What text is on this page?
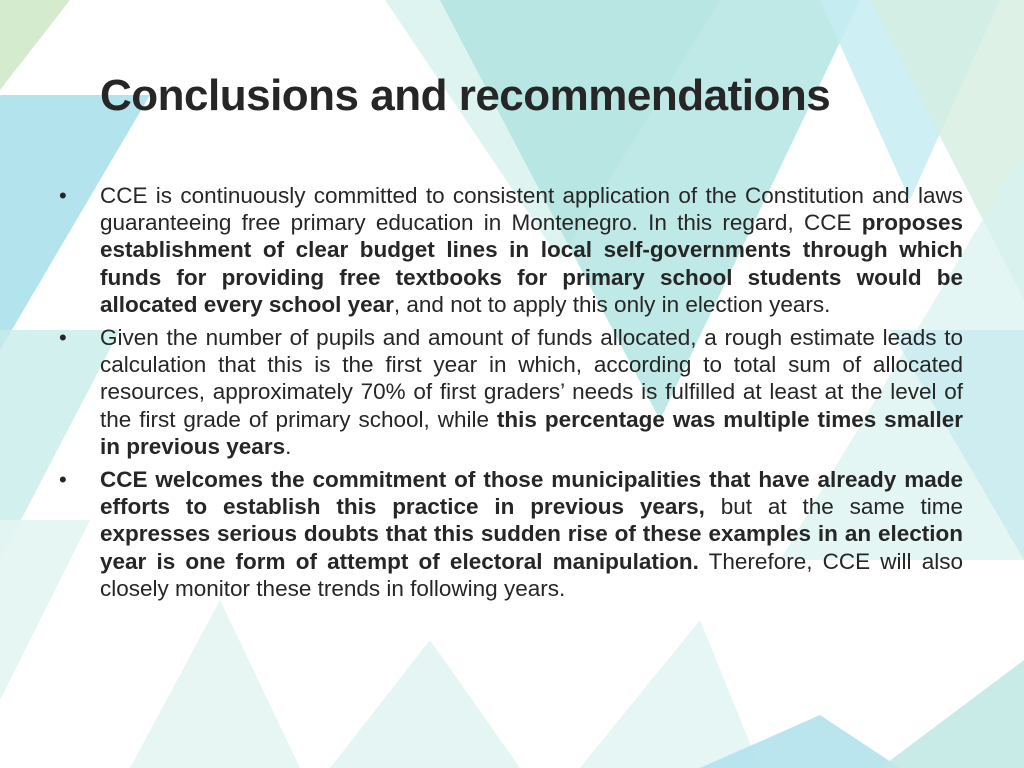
Conclusions and recommendations
• CCE is continuously committed to consistent application of the Constitution and laws guaranteeing free primary education in Montenegro. In this regard, CCE proposes establishment of clear budget lines in local self-governments through which funds for providing free textbooks for primary school students would be allocated every school year, and not to apply this only in election years.
• Given the number of pupils and amount of funds allocated, a rough estimate leads to calculation that this is the first year in which, according to total sum of allocated resources, approximately 70% of first graders’ needs is fulfilled at least at the level of the first grade of primary school, while this percentage was multiple times smaller in previous years.
• CCE welcomes the commitment of those municipalities that have already made efforts to establish this practice in previous years, but at the same time expresses serious doubts that this sudden rise of these examples in an election year is one form of attempt of electoral manipulation. Therefore, CCE will also closely monitor these trends in following years.
